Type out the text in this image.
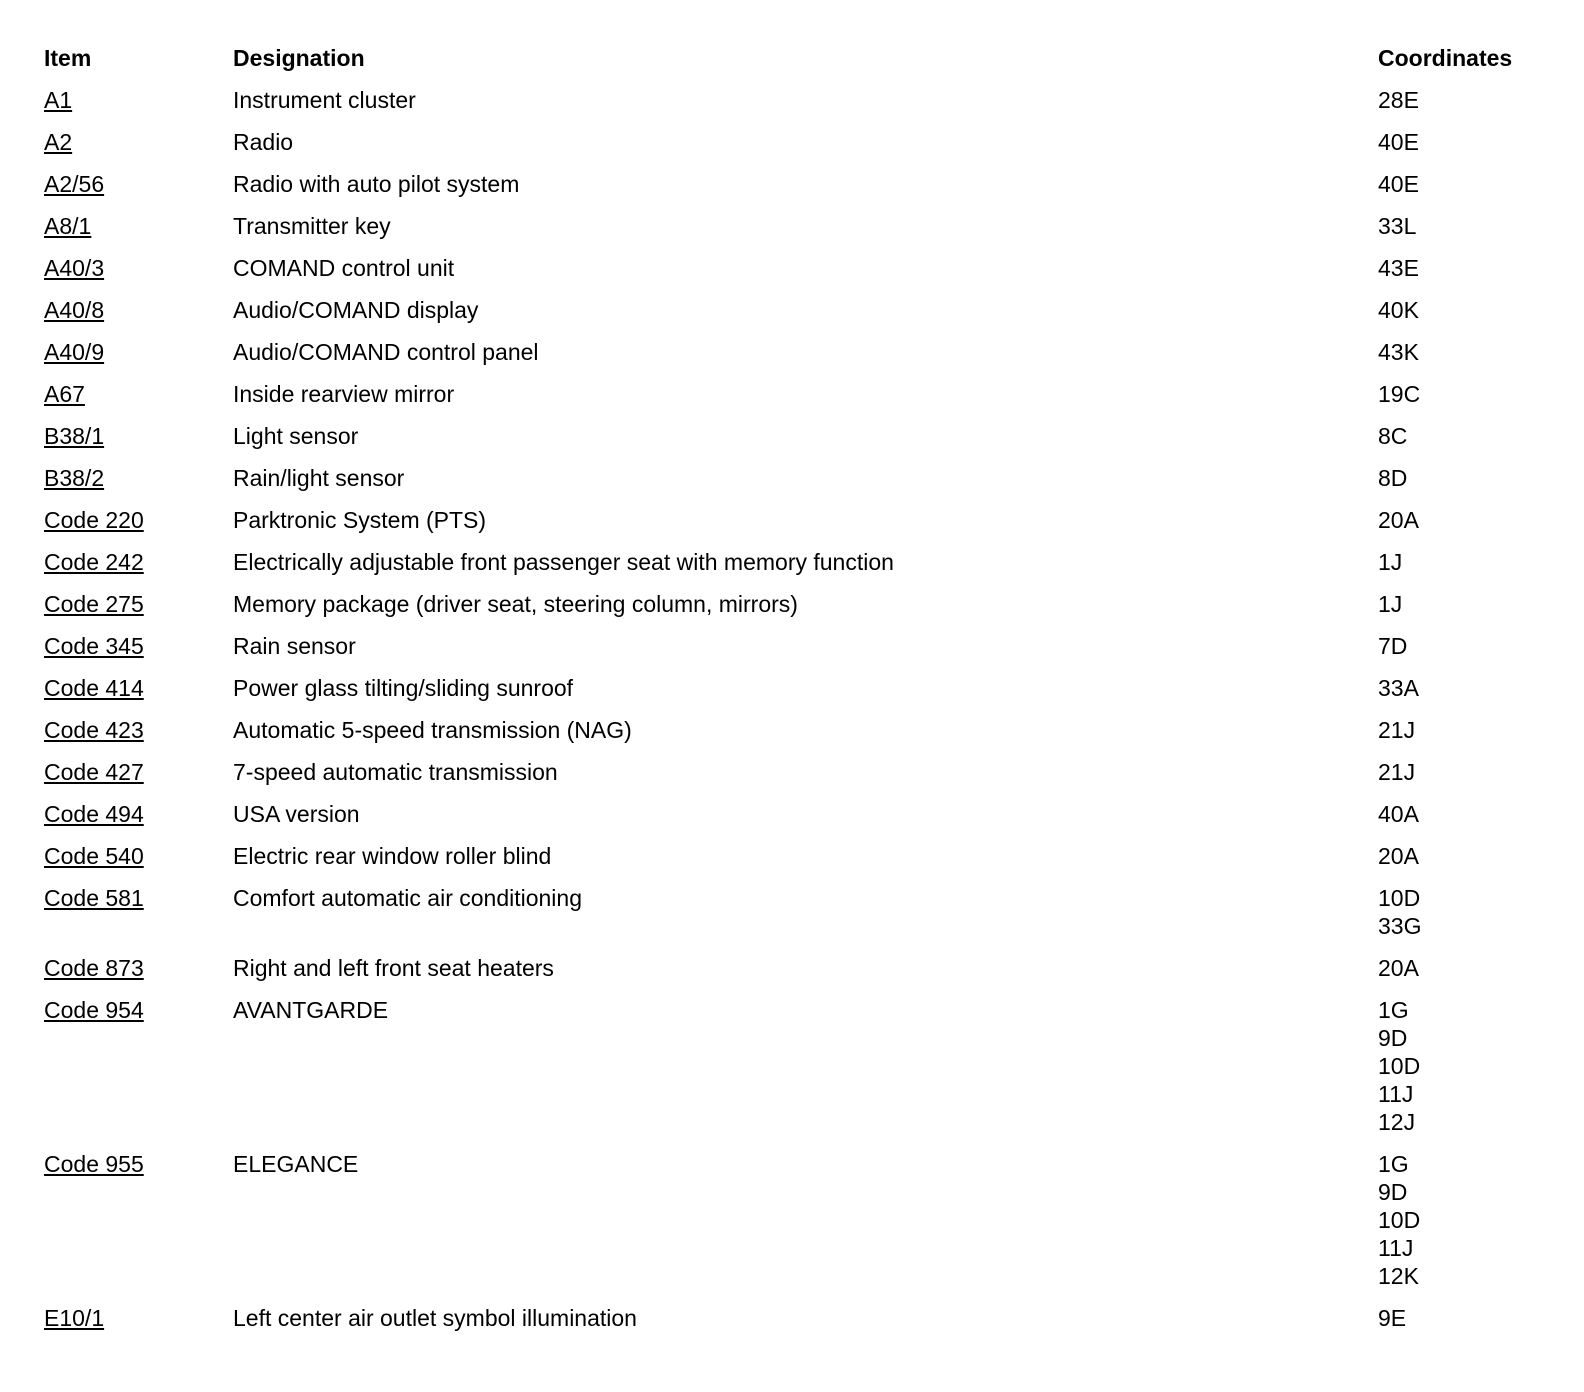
Item	Designation	Coordinates
A1	Instrument cluster	28E

A2	Radio	40E

A2/56	Radio with auto pilot system	40E

A8/1	Transmitter key	33L

A40/3	COMAND control unit	43E

A40/8	Audio/COMAND display	40K

A40/9	Audio/COMAND control panel	43K

A67	Inside rearview mirror	19C

B38/1	Light sensor	8C

B38/2	Rain/light sensor	8D

Code 220	Parktronic System (PTS)	20A

Code 242	Electrically adjustable front passenger seat with memory function	1J

Code 275	Memory package (driver seat, steering column, mirrors)	1J

Code 345	Rain sensor	7D

Code 414	Power glass tilting/sliding sunroof	33A

Code 423	Automatic 5-speed transmission (NAG)	21J

Code 427	7-speed automatic transmission	21J

Code 494	USA version	40A

Code 540	Electric rear window roller blind	20A

Code 581	Comfort automatic air conditioning	10D
33G

Code 873	Right and left front seat heaters	20A

Code 954	AVANTGARDE	1G
9D
10D
11J
12J

Code 955	ELEGANCE	1G
9D
10D
11J
12K

E10/1	Left center air outlet symbol illumination	9E
